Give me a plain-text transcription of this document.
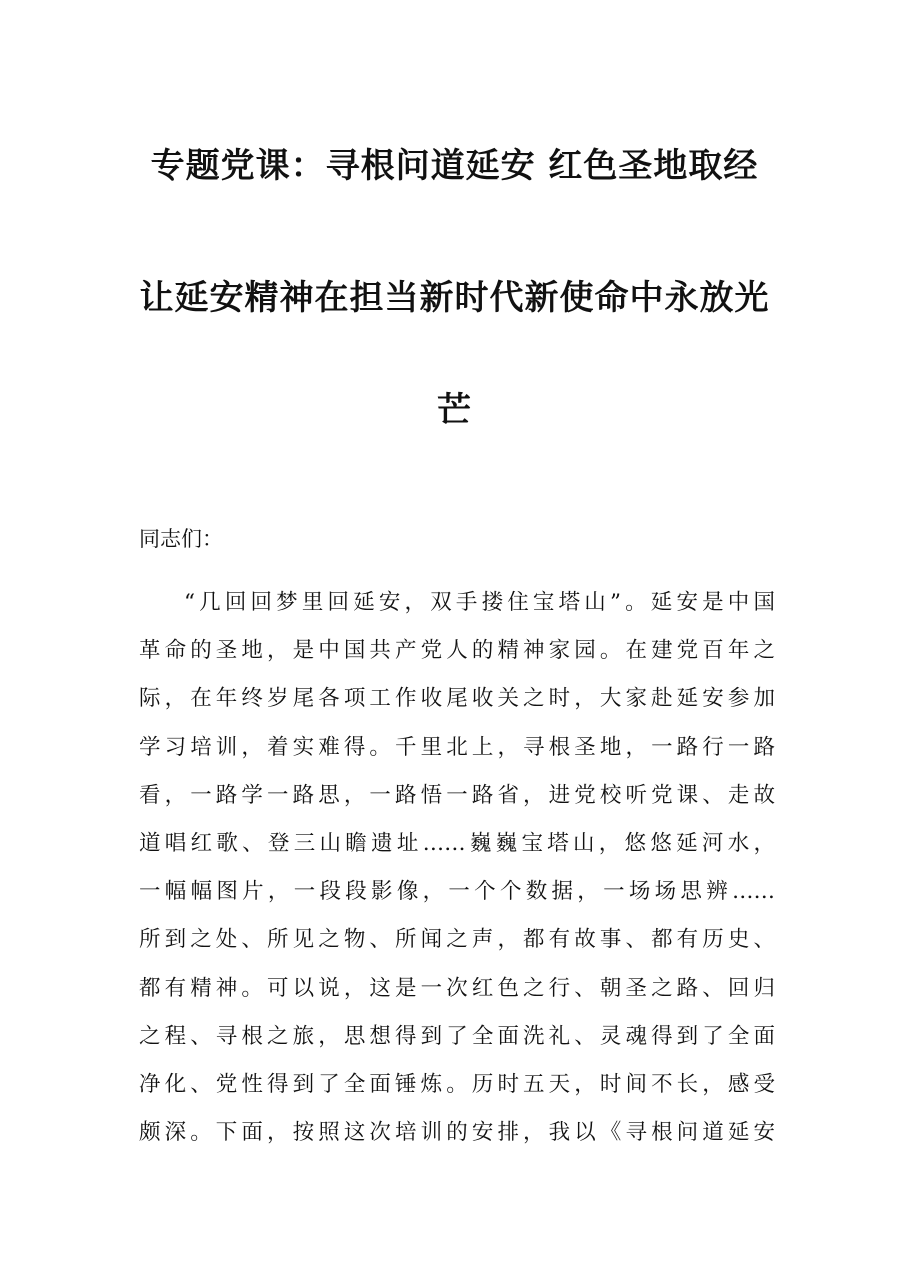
专题党课：寻根问道延安 红色圣地取经
让延安精神在担当新时代新使命中永放光
芒

同志们：

“几回回梦里回延安，双手搂住宝塔山”。延安是中国
革命的圣地，是中国共产党人的精神家园。在建党百年之
际，在年终岁尾各项工作收尾收关之时，大家赴延安参加
学习培训，着实难得。千里北上，寻根圣地，一路行一路
看，一路学一路思，一路悟一路省，进党校听党课、走故
道唱红歌、登三山瞻遗址……巍巍宝塔山，悠悠延河水，
一幅幅图片，一段段影像，一个个数据，一场场思辨……
所到之处、所见之物、所闻之声，都有故事、都有历史、
都有精神。可以说，这是一次红色之行、朝圣之路、回归
之程、寻根之旅，思想得到了全面洗礼、灵魂得到了全面
净化、党性得到了全面锤炼。历时五天，时间不长，感受
颇深。下面，按照这次培训的安排，我以《寻根问道延安
